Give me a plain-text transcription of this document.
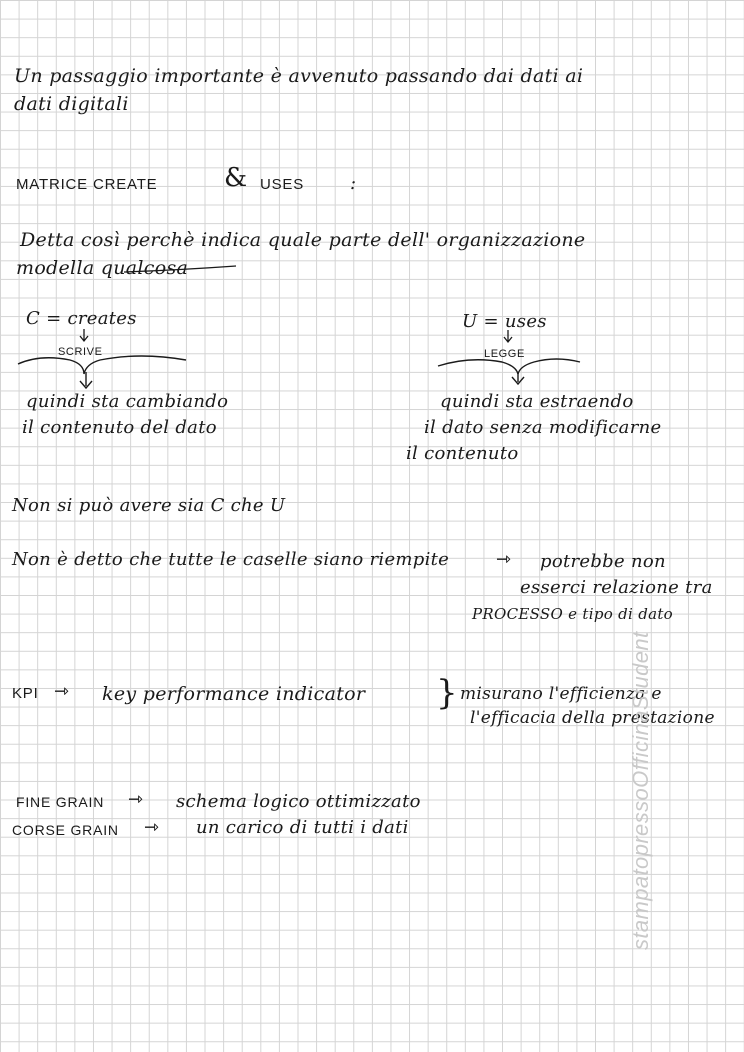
Un passaggio importante è avvenuto passando dai dati ai
dati digitali
MATRICE CREATE	& USES	:
Detta così perchè indica quale parte dell' organizzazione
modella qualcosa
C = creates
SCRIVE
quindi sta cambiando
il contenuto del dato
U = uses
LEGGE
quindi sta estraendo
il dato senza modificarne
il contenuto
Non si può avere sia C che U
Non è detto che tutte le caselle siano riempite	⇾ potrebbe non
esserci relazione tra
PROCESSO e tipo di dato
KPI ⇾ key performance indicator } misurano l'efficienza e
l'efficacia della prestazione
FINE GRAIN ⇾ schema logico ottimizzato
CORSE GRAIN ⇾ un carico di tutti i dati	stampatopressoOfficinaStudent
